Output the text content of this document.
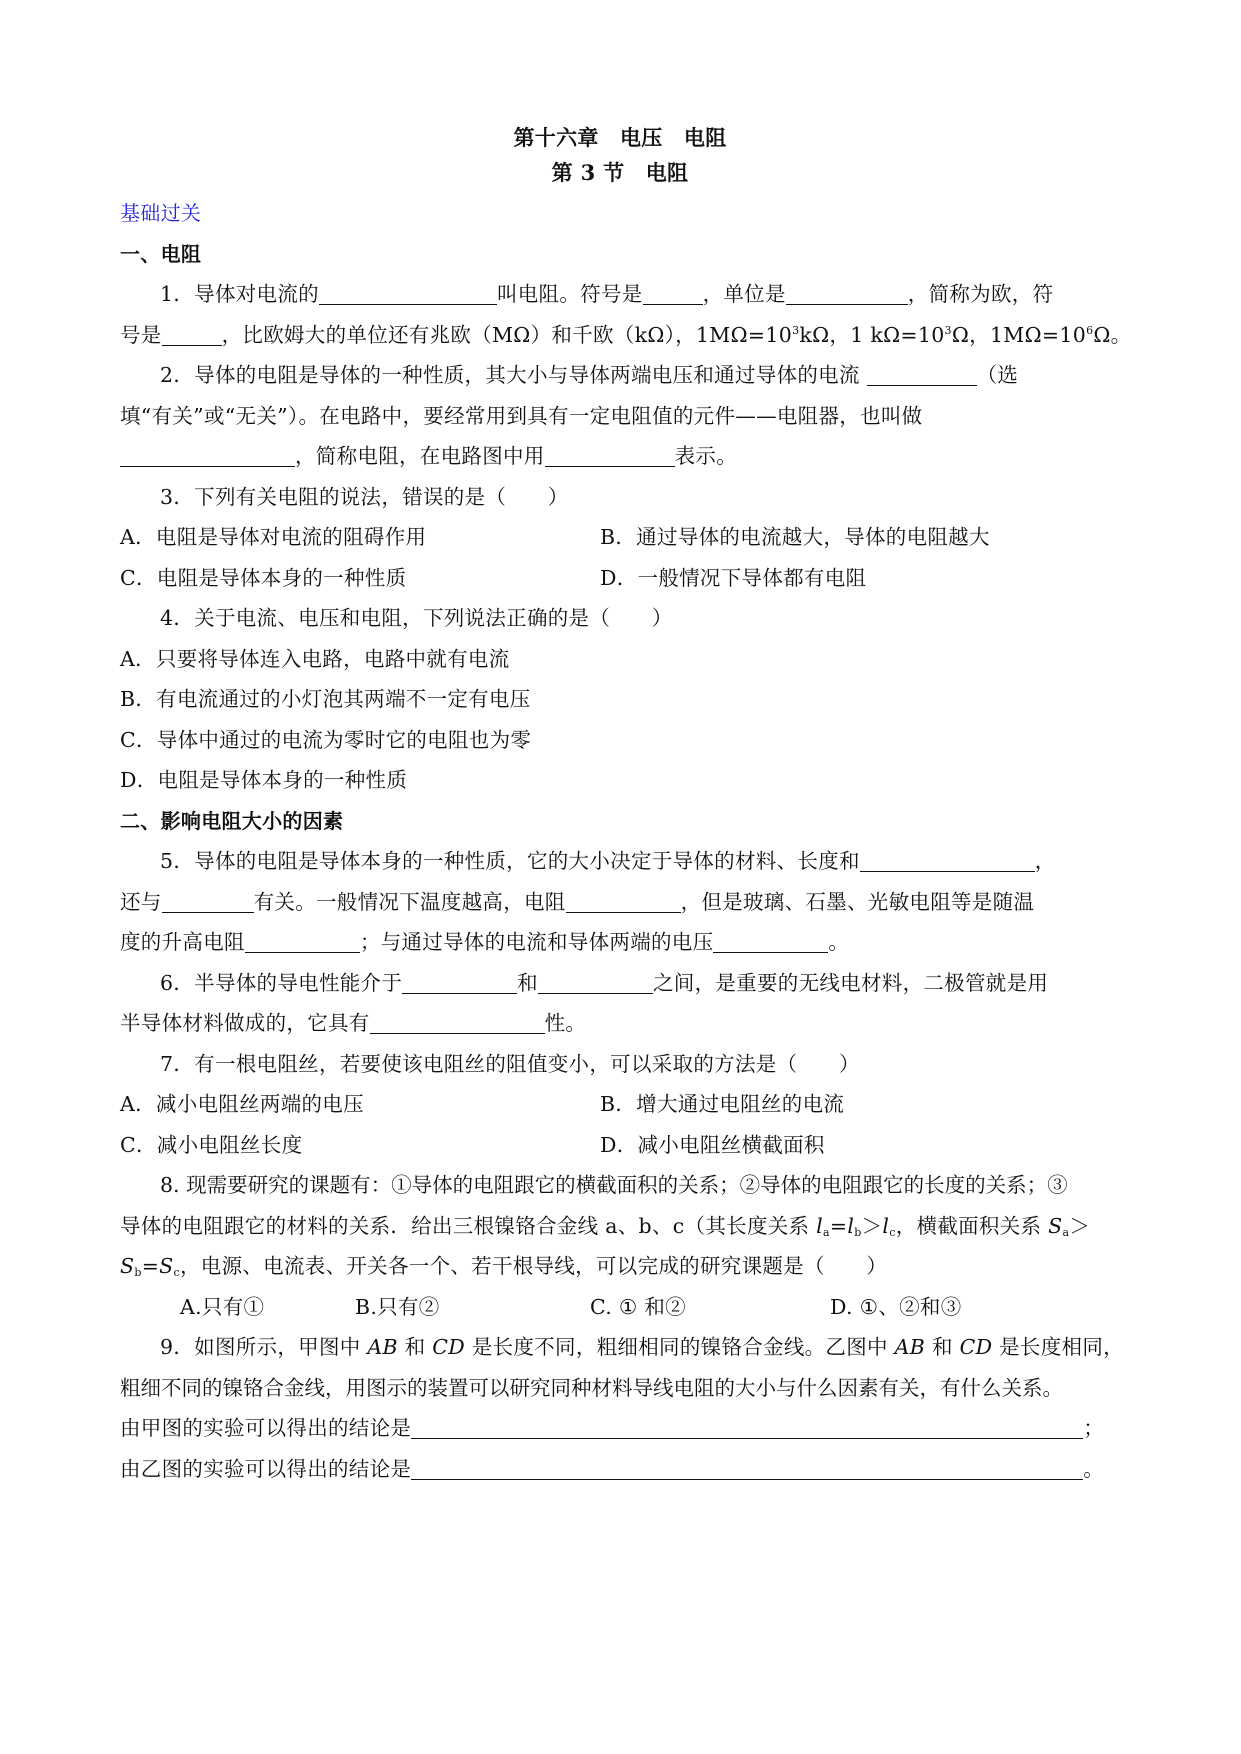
第十六章　电压　电阻
第 3 节　电阻
基础过关
一、电阻
1．导体对电流的	叫电阻。符号是	，单位是	，简称为欧，符
号是	，比欧姆大的单位还有兆欧（MΩ）和千欧（kΩ），$1M\Omega=10^3k\Omega$，1 $k\Omega=10^3\Omega$，$1M\Omega=10^6\Omega$。
2．导体的电阻是导体的一种性质，其大小与导体两端电压和通过导体的电流	（选
填“有关”或“无关”）。在电路中，要经常用到具有一定电阻值的元件——电阻器，也叫做
，简称电阻，在电路图中用	表示。
3．下列有关电阻的说法，错误的是（　　）
A．电阻是导体对电流的阻碍作用	B．通过导体的电流越大，导体的电阻越大
C．电阻是导体本身的一种性质	D．一般情况下导体都有电阻
4．关于电流、电压和电阻，下列说法正确的是（　　）
A．只要将导体连入电路，电路中就有电流
B．有电流通过的小灯泡其两端不一定有电压
C．导体中通过的电流为零时它的电阻也为零
D．电阻是导体本身的一种性质
二、影响电阻大小的因素
5．导体的电阻是导体本身的一种性质，它的大小决定于导体的材料、长度和	，
还与	有关。一般情况下温度越高，电阻	，但是玻璃、石墨、光敏电阻等是随温
度的升高电阻	；与通过导体的电流和导体两端的电压	。
6．半导体的导电性能介于	和	之间，是重要的无线电材料，二极管就是用
半导体材料做成的，它具有	性。
7．有一根电阻丝，若要使该电阻丝的阻值变小，可以采取的方法是（　　）
A．减小电阻丝两端的电压	B．增大通过电阻丝的电流
C．减小电阻丝长度	D．减小电阻丝横截面积
8. 现需要研究的课题有：①导体的电阻跟它的横截面积的关系；②导体的电阻跟它的长度的关系；③
导体的电阻跟它的材料的关系．给出三根镍铬合金线 a、b、c（其长度关系 $l_a=l_b>l_c$，横截面积关系 $S_a>$
$S_b=S_c$，电源、电流表、开关各一个、若干根导线，可以完成的研究课题是（　　）
A.只有①	B.只有②	C. ① 和②	D. ①、②和③
9．如图所示，甲图中 AB 和 CD 是长度不同，粗细相同的镍铬合金线。乙图中 AB 和 CD 是长度相同，
粗细不同的镍铬合金线，用图示的装置可以研究同种材料导线电阻的大小与什么因素有关，有什么关系。
由甲图的实验可以得出的结论是	；
由乙图的实验可以得出的结论是	。
